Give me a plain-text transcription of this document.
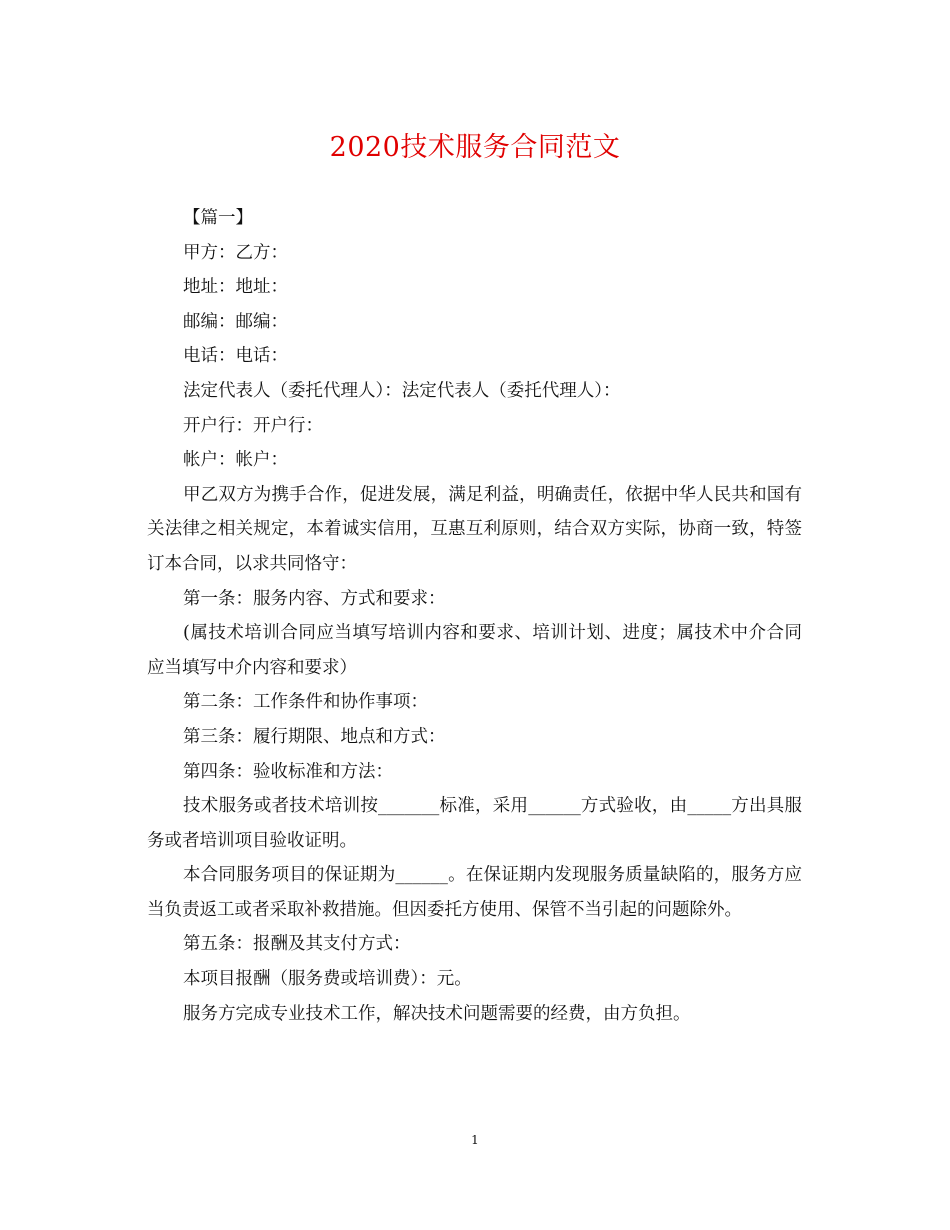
2020技术服务合同范文

【篇一】

甲方：乙方：

地址：地址：

邮编：邮编：

电话：电话：

法定代表人（委托代理人）：法定代表人（委托代理人）：

开户行：开户行：

帐户：帐户：

甲乙双方为携手合作，促进发展，满足利益，明确责任，依据中华人民共和国有关法律之相关规定，本着诚实信用，互惠互利原则，结合双方实际，协商一致，特签订本合同，以求共同恪守：

第一条：服务内容、方式和要求：

(属技术培训合同应当填写培训内容和要求、培训计划、进度；属技术中介合同应当填写中介内容和要求）

第二条：工作条件和协作事项：

第三条：履行期限、地点和方式：

第四条：验收标准和方法：

技术服务或者技术培训按_______标准，采用______方式验收，由_____方出具服务或者培训项目验收证明。

本合同服务项目的保证期为______。在保证期内发现服务质量缺陷的，服务方应当负责返工或者采取补救措施。但因委托方使用、保管不当引起的问题除外。

第五条：报酬及其支付方式：

本项目报酬（服务费或培训费）：元。

服务方完成专业技术工作，解决技术问题需要的经费，由方负担。

1
